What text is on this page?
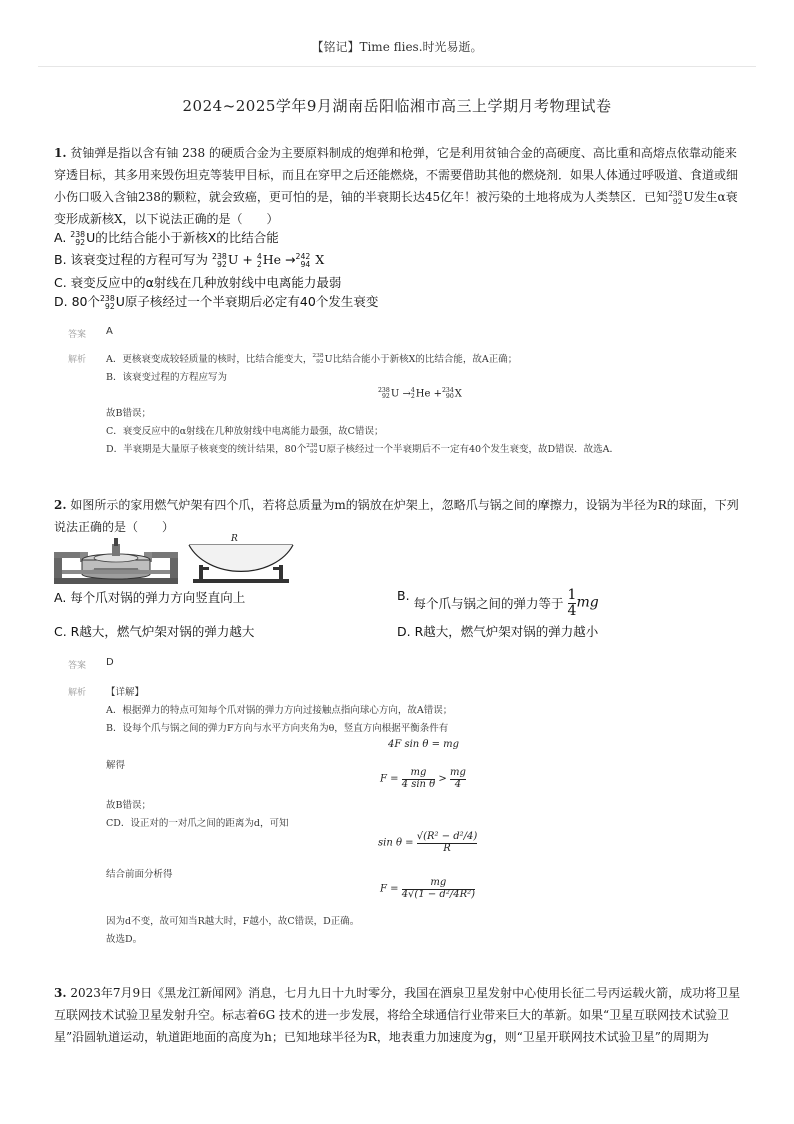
【铭记】Time flies.时光易逝。
2024~2025学年9月湖南岳阳临湘市高三上学期月考物理试卷
1. 贫铀弹是指以含有铀 238 的硬质合金为主要原料制成的炮弹和枪弹，它是利用贫铀合金的高硬度、高比重和高熔点依靠动能来
穿透目标，其多用来毁伤坦克等装甲目标，而且在穿甲之后还能燃烧，不需要借助其他的燃烧剂．如果人体通过呼吸道、食道或细
小伤口吸入含铀238的颗粒，就会致癌，更可怕的是，铀的半衰期长达45亿年！被污染的土地将成为人类禁区．已知 238
92 U发生α衰
变形成新核X，以下说法正确的是（　　）
A. 238
92 U的比结合能小于新核X的比结合能
B. 该衰变过程的方程可写为 238
92 U + 4
2 He → 242
94 X
C. 衰变反应中的α射线在几种放射线中电离能力最弱
D. 80个 238
92 U原子核经过一个半衰期后必定有40个发生衰变
答案 A
解析 A．更核衰变成较轻质量的核时，比结合能变大， 238
92 U比结合能小于新核X的比结合能，故A正确；
B．该衰变过程的方程应写为
238
92 U → 4
2 He + 234
90 X
故B错误；
C．衰变反应中的α射线在几种放射线中电离能力最强，故C错误；
D．半衰期是大量原子核衰变的统计结果，80个 238
92 U原子核经过一个半衰期后不一定有40个发生衰变，故D错误．故选A．
2. 如图所示的家用燃气炉架有四个爪，若将总质量为m的锅放在炉架上，忽略爪与锅之间的摩擦力，设锅为半径为R的球面，下列
说法正确的是（　　）
R
A. 每个爪对锅的弹力方向竖直向上	B. 每个爪与锅之间的弹力等于 $\frac{1}{4}$ mg
C. R越大，燃气炉架对锅的弹力越大	D. R越大，燃气炉架对锅的弹力越小
答案 D
解析 【详解】
A．根据弹力的特点可知每个爪对锅的弹力方向过接触点指向球心方向，故A错误；
B．设每个爪与锅之间的弹力F方向与水平方向夹角为θ，竖直方向根据平衡条件有
4F sin θ = mg
解得
$F = \frac{mg}{\text{4 sin θ}} > \frac{mg}{4}$
故B错误；
CD．设正对的一对爪之间的距离为d，可知
$\sin \theta = \frac{\text{√(R² − d²/4)}}{R}$
结合前面分析得
$F = \frac{mg}{\text{4√(1 − d²/4R²)}}$
因为d不变，故可知当R越大时，F越小，故C错误，D正确。
故选D。
3. 2023年7月9日《黑龙江新闻网》消息，七月九日十九时零分，我国在酒泉卫星发射中心使用长征二号丙运载火箭，成功将卫星
互联网技术试验卫星发射升空。标志着6G 技术的进一步发展，将给全球通信行业带来巨大的革新。如果“卫星互联网技术试验卫
星”沿圆轨道运动，轨道距地面的高度为h；已知地球半径为R，地表重力加速度为g，则“卫星开联网技术试验卫星”的周期为
